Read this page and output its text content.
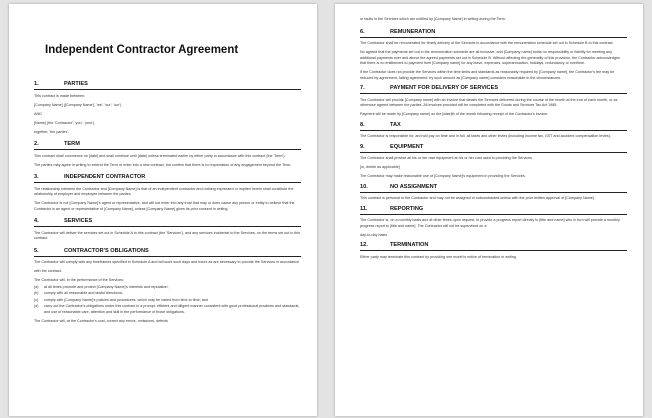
Independent Contractor Agreement
1.	PARTIES
This contract is made between:
[Company Name] ([Company Name]', 'we', 'our', 'our')
AND
[Name] (the 'Contractor', 'you', 'your'),
together, 'the parties'.
2.	TERM
This contract shall commence on [date] and shall continue until [date] unless terminated earlier by either party in accordance with this contract (the 'Term').
The parties may agree in writing to extend the Term or enter into a new contract, but confirm that there is no expectation of any engagement beyond the Term.
3.	INDEPENDENT CONTRACTOR
The relationship between the Contractor and [Company Name] is that of an independent contractor and nothing expressed or implied herein shall constitute the relationship of employer and employee between the parties.
The Contractor is not [Company Name]'s agent or representative, and will not enter into any trust that may or does cause any person or entity to believe that the Contractor is an agent or representative of [Company Name], unless [Company Name] gives its prior consent in writing.
4.	SERVICES
The Contractor will deliver the services set out in Schedule A to this contract (the 'Services'), and any services incidental to the Services, on the terms set out in this contract.
5.	CONTRACTOR'S OBLIGATIONS
The Contractor will comply with any timeframes specified in Schedule A and will work such days and hours as are necessary to provide the Services in accordance
with the contract.
The Contractor will, in the performance of the Services:
(a)	at all times promote and protect [Company Name]'s interests and reputation;
(b)	comply with all reasonable and lawful directions;
(c)	comply with [Company Name]'s policies and procedures, which may be varied from time to time; and
(d)	carry out the Contractor's obligations under this contract in a prompt, efficient and diligent manner consistent with good professional practices and standards, and use of reasonable care, attention and skill in the performance of those obligations.
The Contractor will, at the Contractor's cost, correct any errors, omissions, defects
or faults in the Services which are notified by [Company Name] in writing during the Term.
6.	REMUNERATION
The Contractor shall be remunerated for timely delivery of the Services in accordance with the remuneration schedule set out in Schedule B to this contract.
No agreed that the payments set out in the remuneration schedule are all inclusive, and [Company name] holds no responsibility or liability for meeting any additional payments over and above the agreed payments set out in Schedule B. Without affecting the generality of this provision, the Contractor acknowledges that there is no entitlement to payment from [Company name] for any leave, expenses, superannuation, holidays, redundancy or overtime.
If the Contractor does not provide the Services within the time limits and standards as reasonably required by [Company name], the Contractor's fee may be reduced by agreement, failing agreement, by such amount as [Company name] considers reasonable in the circumstances.
7.	PAYMENT FOR DELIVERY OF SERVICES
The Contractor will provide [Company name] with an invoice that details the Services delivered during the course of the month at the end of each month, or as otherwise agreed between the parties. All invoices provided will be completed with the Goods and Services Tax Act 1985.
Payment will be made by [Company name] on the [date]th of the month following receipt of the Contractor's invoice.
8.	TAX
The Contractor is responsible for, and will pay on time and in full, all taxes and other levies (including income tax, GST and accident compensation levies).
9.	EQUIPMENT
The Contractor shall provide all his or her own equipment at his or her cost used in providing the Services
[or, delete as applicable]
The Contractor may make reasonable use of [Company Name]'s equipment in providing the Services.
10.	NO ASSIGNMENT
This contract is personal to the Contractor and may not be assigned or subcontracted unless with the prior written approval of [Company Name].
11.	REPORTING
The Contractor is, on a monthly basis and at other times upon request, to provide a progress report directly to [title and name] who in turn will provide a monthly progress report to [title and name]. The Contractor will not be supervised on a
day-to-day basis.
12.	TERMINATION
Either party may terminate this contract by providing one month's notice of termination in writing.
